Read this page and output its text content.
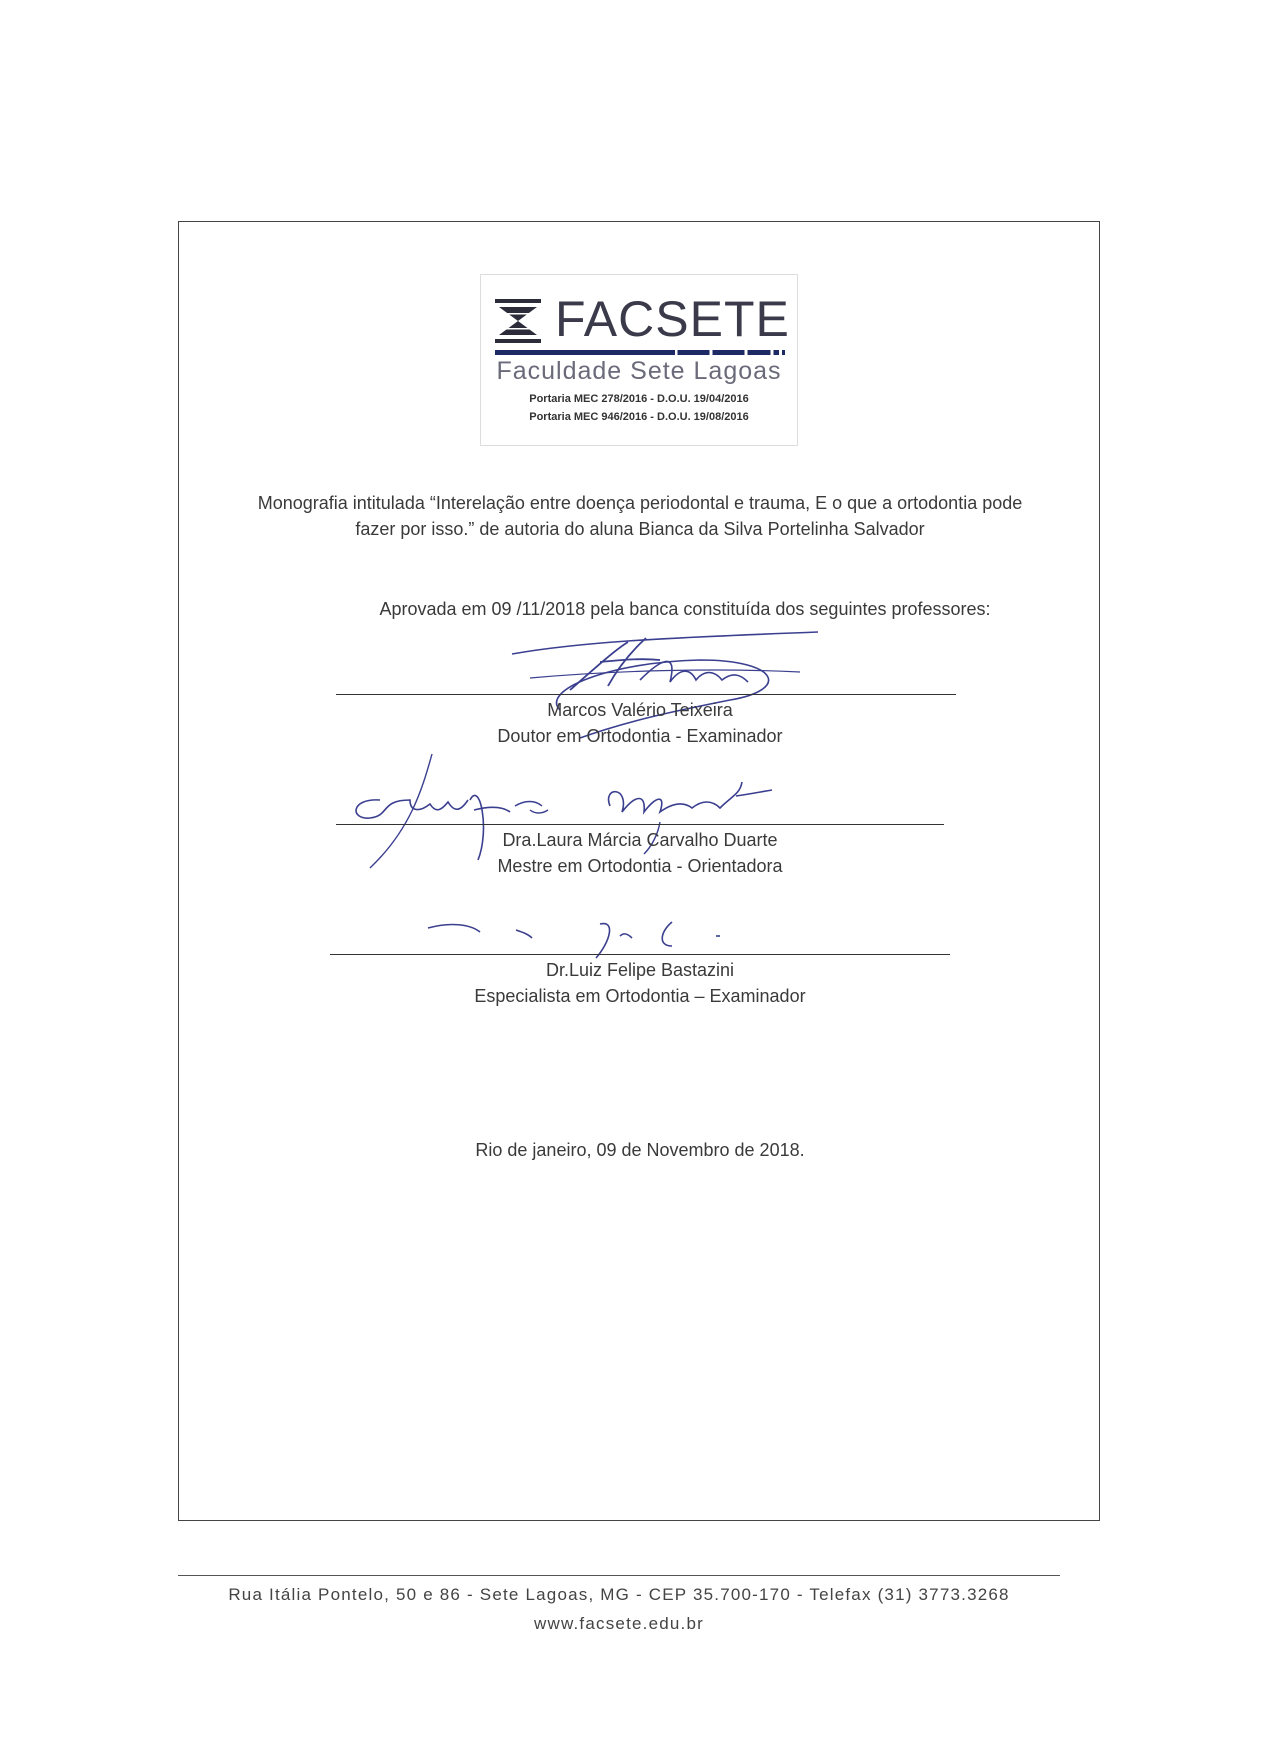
FACSETE
Faculdade Sete Lagoas
Portaria MEC 278/2016 - D.O.U. 19/04/2016
Portaria MEC 946/2016 - D.O.U. 19/08/2016
Monografia intitulada “Interelação entre doença periodontal e trauma, E o que a ortodontia pode
fazer por isso.” de autoria do aluna Bianca da Silva Portelinha Salvador
Aprovada em 09 /11/2018 pela banca constituída dos seguintes professores:
Marcos Valério Teixeira
Doutor em Ortodontia - Examinador
Dra.Laura Márcia Carvalho Duarte
Mestre em Ortodontia - Orientadora
Dr.Luiz Felipe Bastazini
Especialista em Ortodontia – Examinador
Rio de janeiro, 09 de Novembro de 2018.
Rua Itália Pontelo, 50 e 86 - Sete Lagoas, MG - CEP 35.700-170 - Telefax (31) 3773.3268
www.facsete.edu.br
